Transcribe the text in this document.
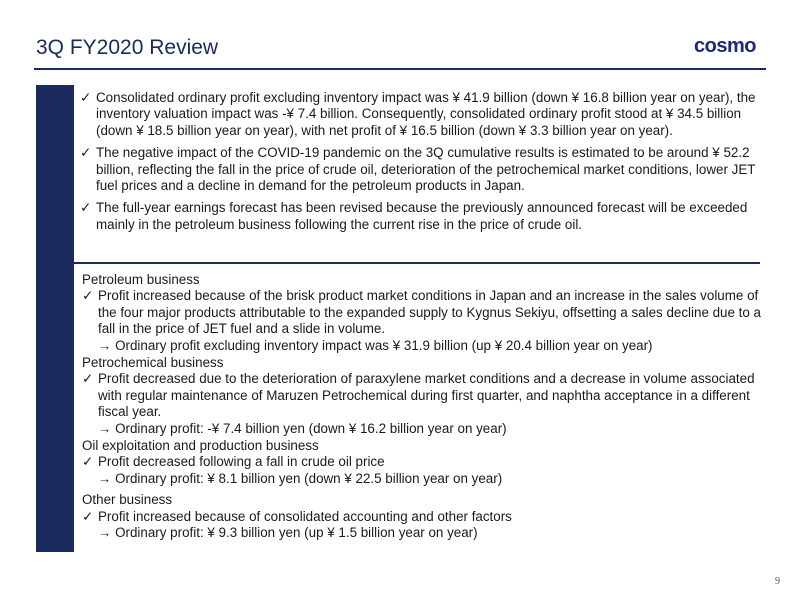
3Q FY2020 Review	cosmo
✓ Consolidated ordinary profit excluding inventory impact was ¥ 41.9 billion (down ¥ 16.8 billion year on year), the inventory valuation impact was -¥ 7.4 billion. Consequently, consolidated ordinary profit stood at ¥ 34.5 billion (down ¥ 18.5 billion year on year), with net profit of ¥ 16.5 billion (down ¥ 3.3 billion year on year).
✓ The negative impact of the COVID-19 pandemic on the 3Q cumulative results is estimated to be around ¥ 52.2 billion, reflecting the fall in the price of crude oil, deterioration of the petrochemical market conditions, lower JET fuel prices and a decline in demand for the petroleum products in Japan.
✓ The full-year earnings forecast has been revised because the previously announced forecast will be exceeded mainly in the petroleum business following the current rise in the price of crude oil.
Petroleum business
✓ Profit increased because of the brisk product market conditions in Japan and an increase in the sales volume of the four major products attributable to the expanded supply to Kygnus Sekiyu, offsetting a sales decline due to a fall in the price of JET fuel and a slide in volume.
→ Ordinary profit excluding inventory impact was ¥ 31.9 billion (up ¥ 20.4 billion year on year)
Petrochemical business
✓ Profit decreased due to the deterioration of paraxylene market conditions and a decrease in volume associated with regular maintenance of Maruzen Petrochemical during first quarter, and naphtha acceptance in a different fiscal year.
→ Ordinary profit: -¥ 7.4 billion yen (down ¥ 16.2 billion year on year)
Oil exploitation and production business
✓ Profit decreased following a fall in crude oil price
→ Ordinary profit: ¥ 8.1 billion yen (down ¥ 22.5 billion year on year)
Other business
✓ Profit increased because of consolidated accounting and other factors
→ Ordinary profit: ¥ 9.3 billion yen (up ¥ 1.5 billion year on year)
9
